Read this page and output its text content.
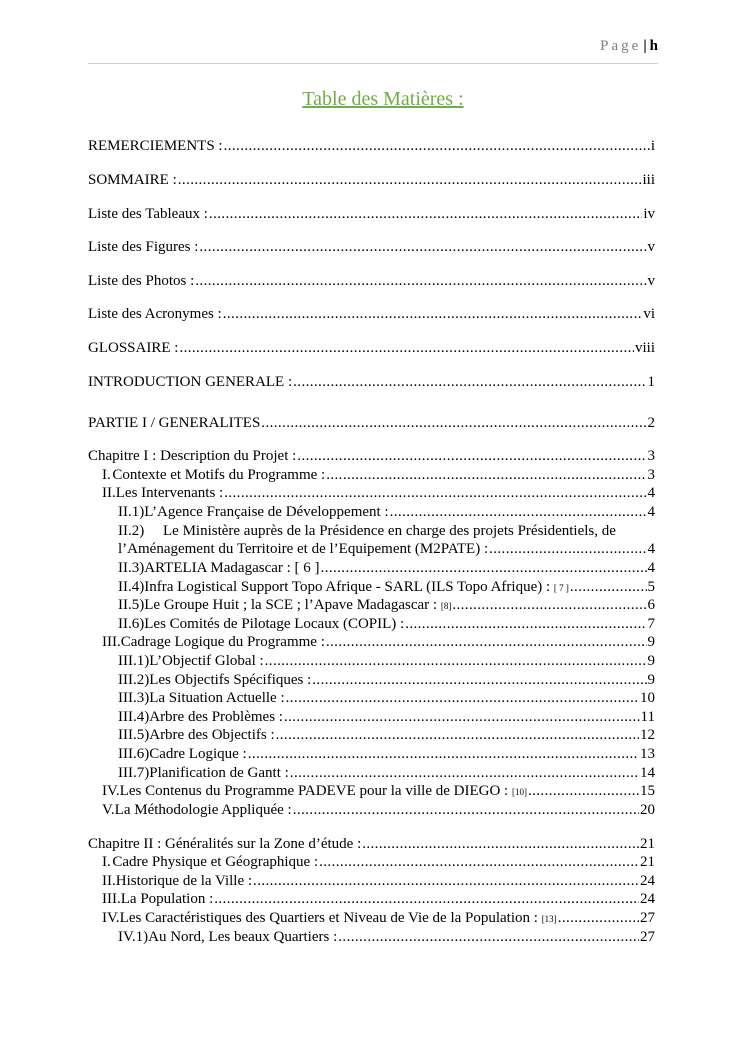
Page | h
Table des Matières :
REMERCIEMENTS : .....	i
SOMMAIRE : .....	iii
Liste des Tableaux : .....	iv
Liste des Figures : .....	v
Liste des Photos : .....	v
Liste des Acronymes : .....	vi
GLOSSAIRE : .....	viii
INTRODUCTION GENERALE : .....	1
PARTIE I / GENERALITES .....	2
Chapitre I : Description du Projet : .....	3
I. Contexte et Motifs du Programme : .....	3
II. Les Intervenants : .....	4
II.1) L’Agence Française de Développement : .....	4
II.2)	Le Ministère auprès de la Présidence en charge des projets Présidentiels, de
l’Aménagement du Territoire et de l’Equipement (M2PATE) : .....	4
II.3) ARTELIA Madagascar : [ 6 ] .....	4
II.4) Infra Logistical Support Topo Afrique - SARL (ILS Topo Afrique) :
[ 7 ] .....	5
II.5) Le Groupe Huit ; la SCE ; l’Apave Madagascar :
[8] .....	6
II.6) Les Comités de Pilotage Locaux (COPIL) : .....	7
III. Cadrage Logique du Programme : .....	9
III.1) L’Objectif Global : .....	9
III.2) Les Objectifs Spécifiques : .....	9
III.3) La Situation Actuelle : .....	10
III.4) Arbre des Problèmes : .....	11
III.5) Arbre des Objectifs : .....	12
III.6) Cadre Logique : .....	13
III.7) Planification de Gantt : .....	14
IV. Les Contenus du Programme PADEVE pour la ville de DIEGO :
[10] .....	15
V. La Méthodologie Appliquée : .....	20
Chapitre II : Généralités sur la Zone d’étude : .....	21
I. Cadre Physique et Géographique : .....	21
II. Historique de la Ville : .....	24
III. La Population : .....	24
IV. Les Caractéristiques des Quartiers et Niveau de Vie de la Population :
[13] .....	27
IV.1) Au Nord, Les beaux Quartiers : .....	27
